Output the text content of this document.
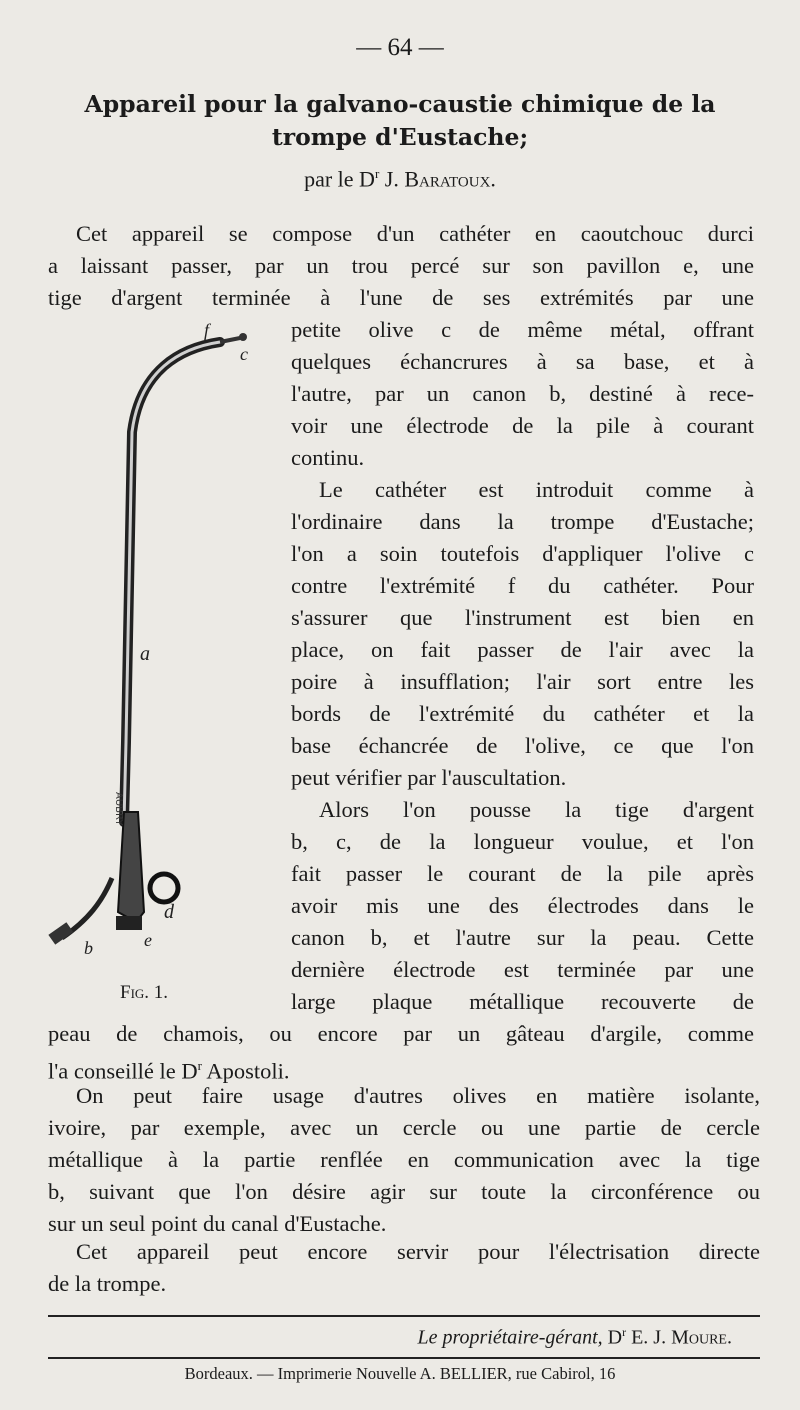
— 64 —
Appareil pour la galvano-caustie chimique de la
trompe d'Eustache;
par le $D^r$ J. Baratoux.
Cet appareil se compose d'un cathéter en caoutchouc durci
a laissant passer, par un trou percé sur son pavillon e, une
tige d'argent terminée à l'une de ses extrémités par une
petite olive c de même métal, offrant
quelques échancrures à sa base, et à
l'autre, par un canon b, destiné à rece-
voir une électrode de la pile à courant
continu.
Le cathéter est introduit comme à
l'ordinaire dans la trompe d'Eustache;
l'on a soin toutefois d'appliquer l'olive c
contre l'extrémité f du cathéter. Pour
s'assurer que l'instrument est bien en
place, on fait passer de l'air avec la
poire à insufflation; l'air sort entre les
bords de l'extrémité du cathéter et la
base échancrée de l'olive, ce que l'on
peut vérifier par l'auscultation.
Alors l'on pousse la tige d'argent
b, c, de la longueur voulue, et l'on
fait passer le courant de la pile après
avoir mis une des électrodes dans le
canon b, et l'autre sur la peau. Cette
dernière électrode est terminée par une
large plaque métallique recouverte de
peau de chamois, ou encore par un gâteau d'argile, comme
l'a conseillé le $D^r$ Apostoli.
On peut faire usage d'autres olives en matière isolante,
ivoire, par exemple, avec un cercle ou une partie de cercle
métallique à la partie renflée en communication avec la tige
b, suivant que l'on désire agir sur toute la circonférence ou
sur un seul point du canal d'Eustache.
Cet appareil peut encore servir pour l'électrisation directe
de la trompe.
f
c
a
d
e
b
AUBRY
Fig. 1.
Le propriétaire-gérant, $D^r$ E. J. Moure.
Bordeaux. — Imprimerie Nouvelle A. BELLIER, rue Cabirol, 16
